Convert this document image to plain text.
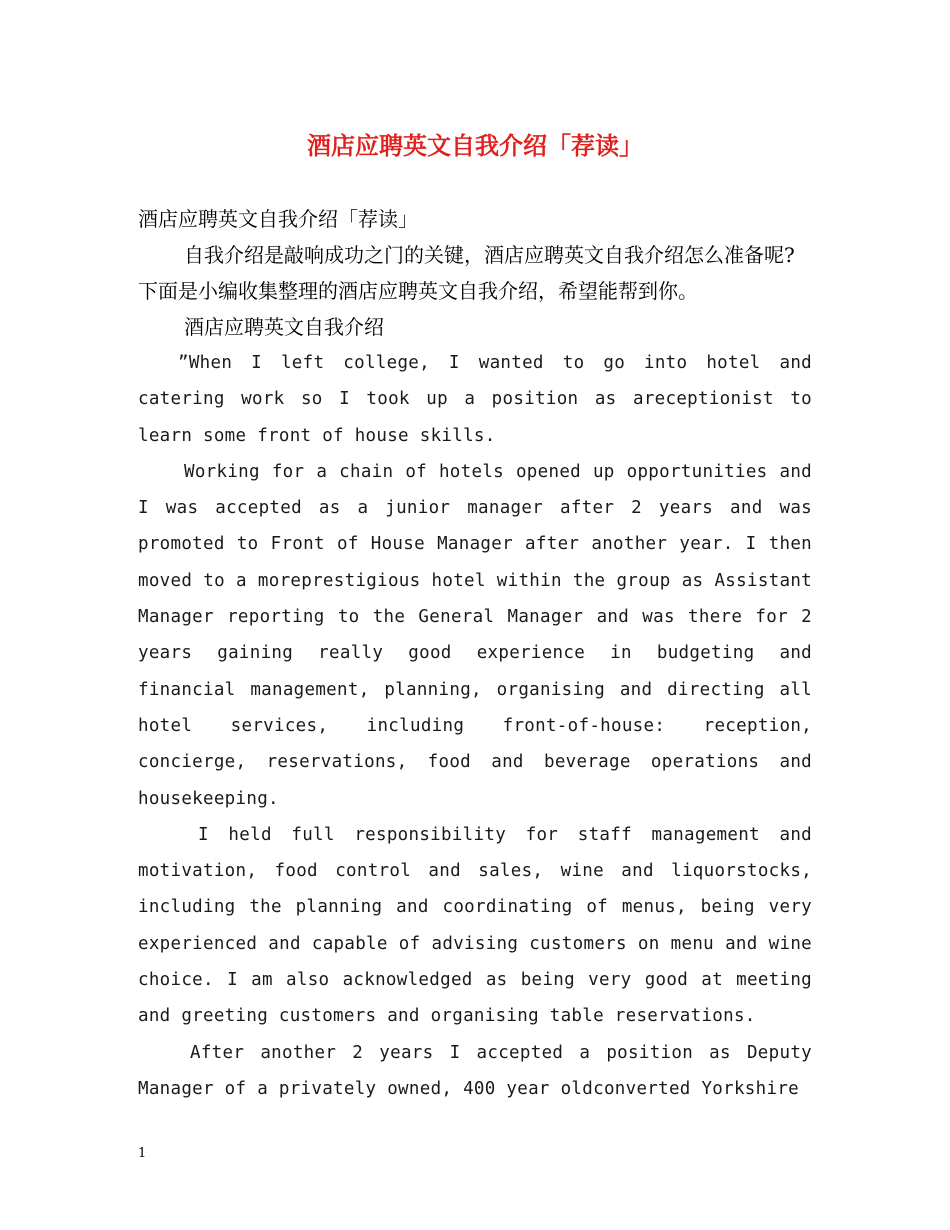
酒店应聘英文自我介绍「荐读」

酒店应聘英文自我介绍「荐读」

自我介绍是敲响成功之门的关键，酒店应聘英文自我介绍怎么准备呢?下面是小编收集整理的酒店应聘英文自我介绍，希望能帮到你。

酒店应聘英文自我介绍

”When I left college, I wanted to go into hotel and catering work so I took up a position as areceptionist to learn some front of house skills.

Working for a chain of hotels opened up opportunities and I was accepted as a junior manager after 2 years and was promoted to Front of House Manager after another year. I then moved to a moreprestigious hotel within the group as Assistant Manager reporting to the General Manager and was there for 2 years gaining really good experience in budgeting and financial management, planning, organising and directing all hotel services, including front-of-house: reception, concierge, reservations, food and beverage operations and housekeeping.

I held full responsibility for staff management and motivation, food control and sales, wine and liquorstocks, including the planning and coordinating of menus, being very experienced and capable of advising customers on menu and wine choice. I am also acknowledged as being very good at meeting and greeting customers and organising table reservations.

After another 2 years I accepted a position as Deputy Manager of a privately owned, 400 year oldconverted Yorkshire

1
